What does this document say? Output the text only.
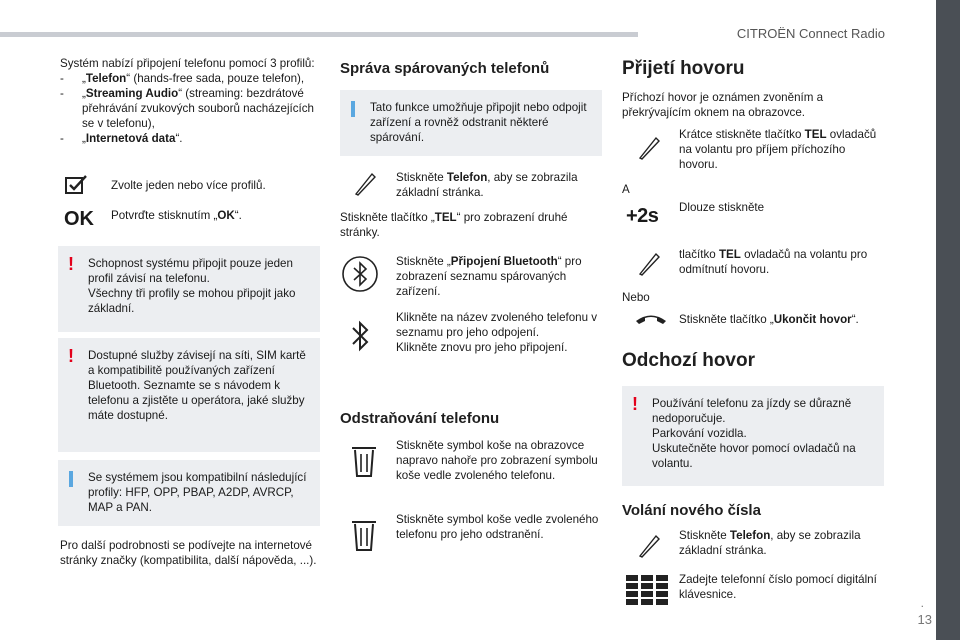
CITROËN Connect Radio
.
13

Systém nabízí připojení telefonu pomocí 3 profilů:

- „Telefon“ (hands-free sada, pouze telefon),
- „Streaming Audio“ (streaming: bezdrátové přehrávání zvukových souborů nacházejících se v telefonu),
- „Internetová data“.
Zvolte jeden nebo více profilů.
OK Potvrďte stisknutím „OK“.
! Schopnost systému připojit pouze jeden profil závisí na telefonu.
Všechny tři profily se mohou připojit jako základní.
! Dostupné služby závisejí na síti, SIM kartě a kompatibilitě používaných zařízení Bluetooth. Seznamte se s návodem k telefonu a zjistěte u operátora, jaké služby máte dostupné.
Se systémem jsou kompatibilní následující profily: HFP, OPP, PBAP, A2DP, AVRCP, MAP a PAN.
Pro další podrobnosti se podívejte na internetové stránky značky (kompatibilita, další nápověda, ...).
Správa spárovaných telefonů
Tato funkce umožňuje připojit nebo odpojit zařízení a rovněž odstranit některé spárování.
Stiskněte Telefon, aby se zobrazila základní stránka.
Stiskněte tlačítko „TEL“ pro zobrazení druhé stránky.
Stiskněte „Připojení Bluetooth“ pro zobrazení seznamu spárovaných zařízení.
Klikněte na název zvoleného telefonu v seznamu pro jeho odpojení.
Klikněte znovu pro jeho připojení.
Odstraňování telefonu
Stiskněte symbol koše na obrazovce napravo nahoře pro zobrazení symbolu koše vedle zvoleného telefonu.
Stiskněte symbol koše vedle zvoleného telefonu pro jeho odstranění.
Přijetí hovoru
Příchozí hovor je oznámen zvoněním a překrývajícím oknem na obrazovce.
Krátce stiskněte tlačítko TEL ovladačů na volantu pro příjem příchozího hovoru.
A
+2s Dlouze stiskněte
tlačítko TEL ovladačů na volantu pro odmítnutí hovoru.
Nebo
Stiskněte tlačítko „Ukončit hovor“.
Odchozí hovor
! Používání telefonu za jízdy se důrazně nedoporučuje.
Parkování vozidla.
Uskutečněte hovor pomocí ovladačů na volantu.
Volání nového čísla
Stiskněte Telefon, aby se zobrazila základní stránka.
Zadejte telefonní číslo pomocí digitální klávesnice.
